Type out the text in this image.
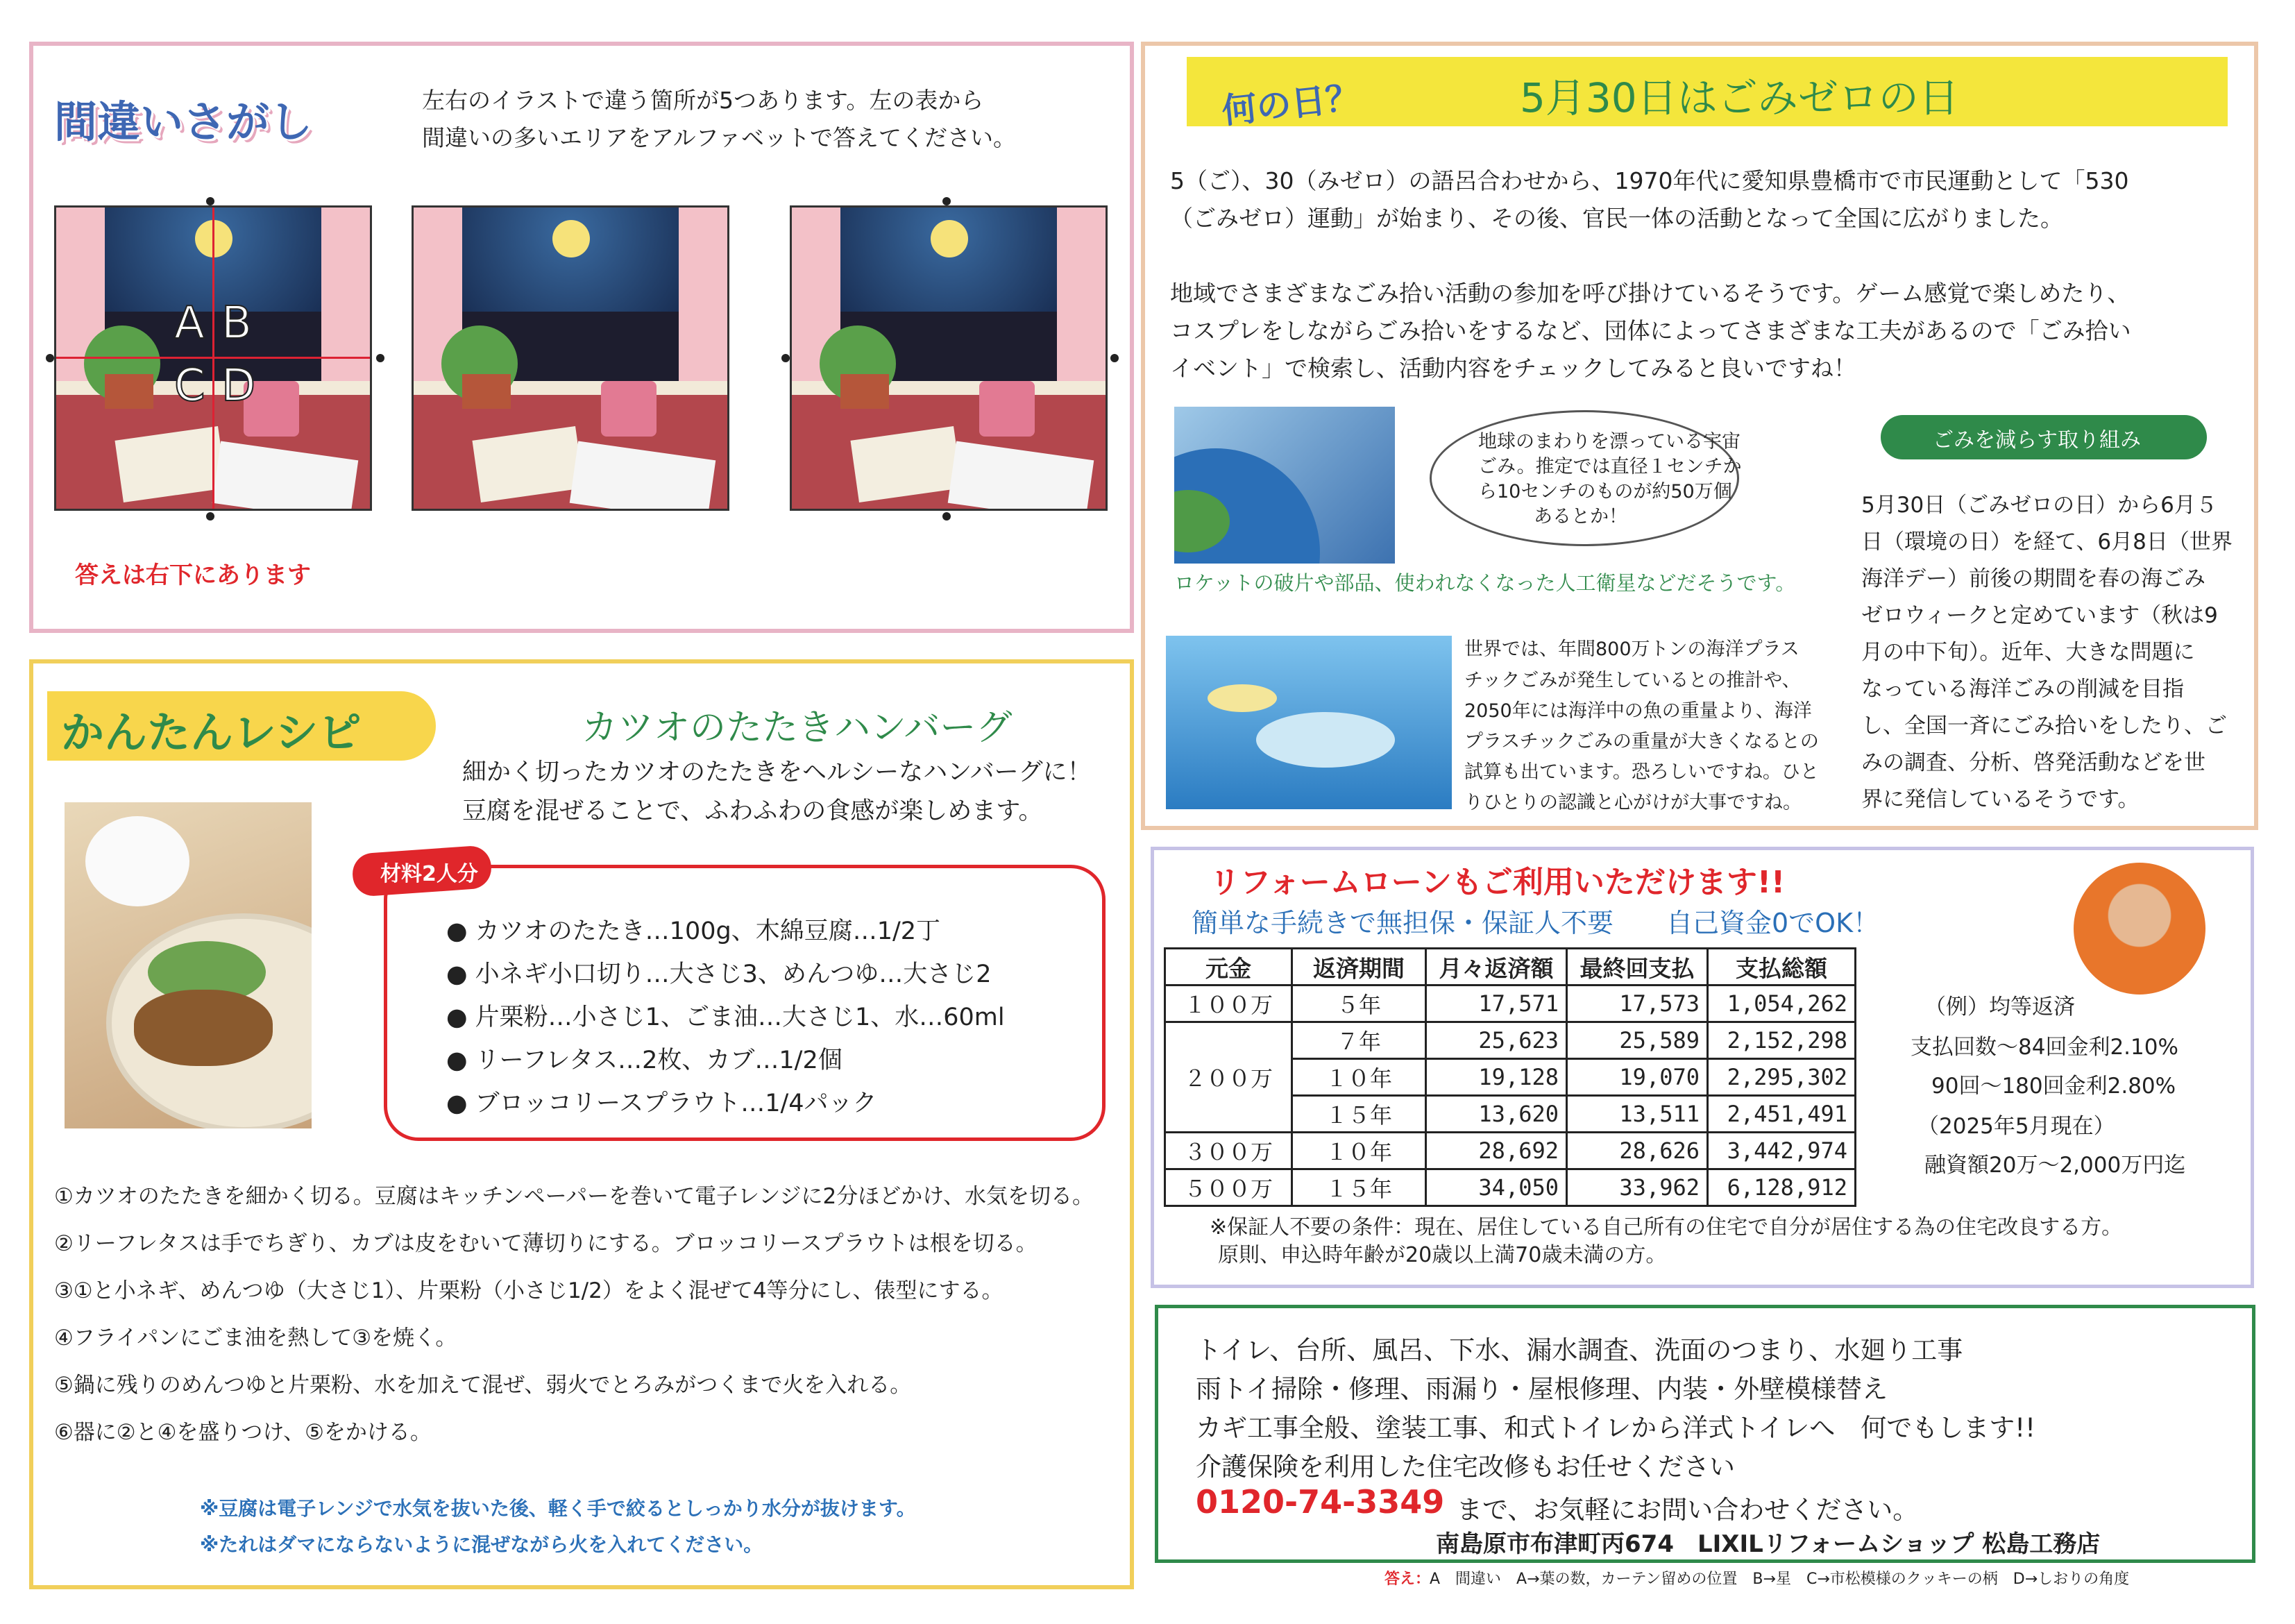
間違いさがし	左右のイラストで違う箇所が5つあります。左の表から
間違いの多いエリアをアルファベットで答えてください。
A B
C D
答えは右下にあります
かんたんレシピ	カツオのたたきハンバーグ
細かく切ったカツオのたたきをヘルシーなハンバーグに！
豆腐を混ぜることで、ふわふわの食感が楽しめます。
材料2人分
● カツオのたたき…100g、木綿豆腐…1/2丁
● 小ネギ小口切り…大さじ3、めんつゆ…大さじ2
● 片栗粉…小さじ1、ごま油…大さじ1、水…60ml
● リーフレタス…2枚、カブ…1/2個
● ブロッコリースプラウト…1/4パック
①カツオのたたきを細かく切る。豆腐はキッチンペーパーを巻いて電子レンジに2分ほどかけ、水気を切る。
②リーフレタスは手でちぎり、カブは皮をむいて薄切りにする。ブロッコリースプラウトは根を切る。
③①と小ネギ、めんつゆ（大さじ1）、片栗粉（小さじ1/2）をよく混ぜて4等分にし、俵型にする。
④フライパンにごま油を熱して③を焼く。
⑤鍋に残りのめんつゆと片栗粉、水を加えて混ぜ、弱火でとろみがつくまで火を入れる。
⑥器に②と④を盛りつけ、⑤をかける。
※豆腐は電子レンジで水気を抜いた後、軽く手で絞るとしっかり水分が抜けます。
※たれはダマにならないように混ぜながら火を入れてください。
何の日？	5月30日はごみゼロの日
5（ご）、30（みゼロ）の語呂合わせから、1970年代に愛知県豊橋市で市民運動として「530
（ごみゼロ）運動」が始まり、その後、官民一体の活動となって全国に広がりました。
地域でさまざまなごみ拾い活動の参加を呼び掛けているそうです。ゲーム感覚で楽しめたり、
コスプレをしながらごみ拾いをするなど、団体によってさまざまな工夫があるので「ごみ拾い
イベント」で検索し、活動内容をチェックしてみると良いですね！
地球のまわりを漂っている宇宙
ごみ。推定では直径１センチか
ら10センチのものが約50万個
あるとか！
ロケットの破片や部品、使われなくなった人工衛星などだそうです。
世界では、年間800万トンの海洋プラス
チックごみが発生しているとの推計や、
2050年には海洋中の魚の重量より、海洋
プラスチックごみの重量が大きくなるとの
試算も出ています。恐ろしいですね。ひと
りひとりの認識と心がけが大事ですね。
ごみを減らす取り組み
5月30日（ごみゼロの日）から6月５
日（環境の日）を経て、6月8日（世界
海洋デー）前後の期間を春の海ごみ
ゼロウィークと定めています（秋は9
月の中下旬）。近年、大きな問題に
なっている海洋ごみの削減を目指
し、全国一斉にごみ拾いをしたり、ご
みの調査、分析、啓発活動などを世
界に発信しているそうです。
リフォームローンもご利用いただけます!!
簡単な手続きで無担保・保証人不要　　自己資金0でOK！
元金	返済期間	月々返済額	最終回支払	支払総額
１００万	５年	17,571	17,573	1,054,262
２００万	７年	25,623	25,589	2,152,298
	１０年	19,128	19,070	2,295,302
	１５年	13,620	13,511	2,451,491
３００万	１０年	28,692	28,626	3,442,974
５００万	１５年	34,050	33,962	6,128,912
（例）均等返済
支払回数～84回金利2.10%
90回～180回金利2.80%
（2025年5月現在）
融資額20万～2,000万円迄
※保証人不要の条件：現在、居住している自己所有の住宅で自分が居住する為の住宅改良する方。
原則、申込時年齢が20歳以上満70歳未満の方。
トイレ、台所、風呂、下水、漏水調査、洗面のつまり、水廻り工事
雨トイ掃除・修理、雨漏り・屋根修理、内装・外壁模様替え
カギ工事全般、塗装工事、和式トイレから洋式トイレへ　何でもします!!
介護保険を利用した住宅改修もお任せください
0120-74-3349 まで、お気軽にお問い合わせください。
南島原市布津町丙674　LIXILリフォームショップ 松島工務店
答え：
A　間違い　A→葉の数，カーテン留めの位置　B→星　C→市松模様のクッキーの柄　D→しおりの角度
